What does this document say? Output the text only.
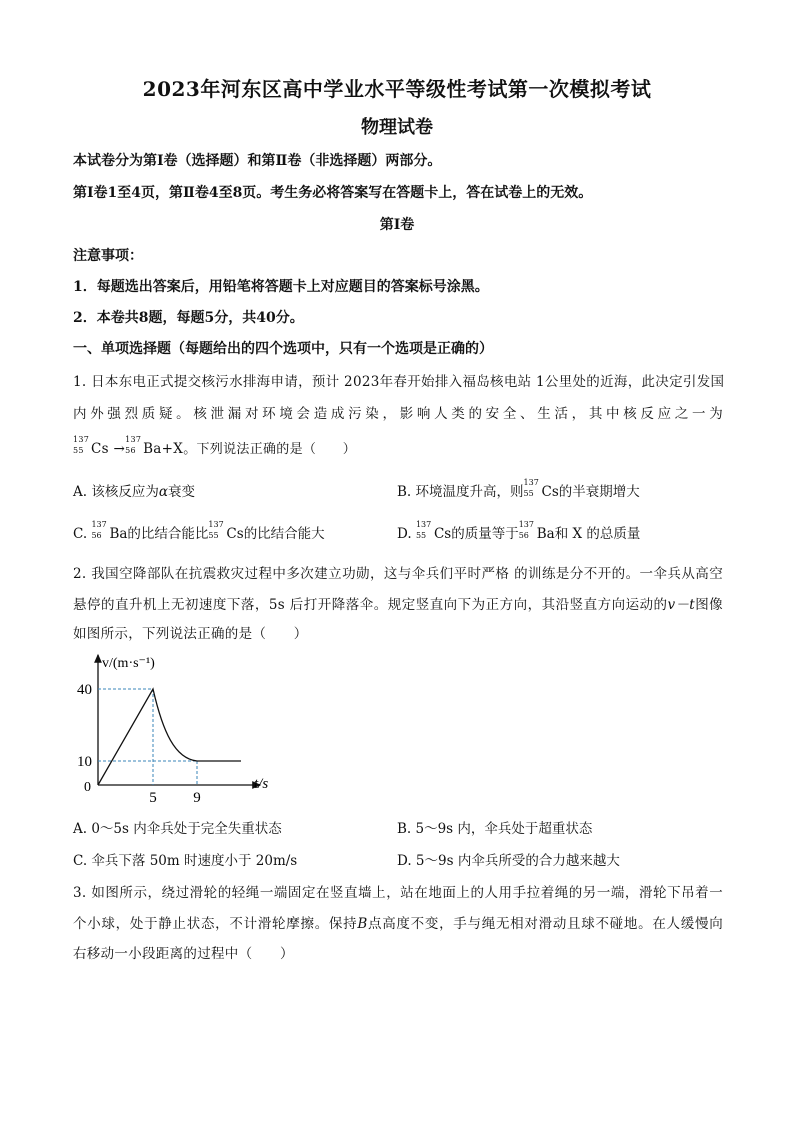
2023年河东区高中学业水平等级性考试第一次模拟考试
物理试卷
本试卷分为第Ⅰ卷（选择题）和第Ⅱ卷（非选择题）两部分。
第Ⅰ卷1至4页，第Ⅱ卷4至8页。考生务必将答案写在答题卡上，答在试卷上的无效。
第Ⅰ卷
注意事项：
1．每题选出答案后，用铅笔将答题卡上对应题目的答案标号涂黑。
2．本卷共8题，每题5分，共40分。
一、单项选择题（每题给出的四个选项中，只有一个选项是正确的）
1. 日本东电正式提交核污水排海申请，预计 2023年春开始排入福岛核电站 1公里处的近海，此决定引发国
内外强烈质疑。核泄漏对环境会造成污染，影响人类的安全、生活，其中核反应之一为
137
55 Cs →
137
56 Ba+X。下列说法正确的是（　　）
A. 该核反应为α衰变	B. 环境温度升高，则
137
55 Cs的半衰期增大
C.
137
56 Ba的比结合能比
137
55 Cs的比结合能大	D.
137
55 Cs的质量等于
137
56 Ba和 X 的总质量
2. 我国空降部队在抗震救灾过程中多次建立功勋，这与伞兵们平时严格 的训练是分不开的。一伞兵从高空
悬停的直升机上无初速度下落，5s 后打开降落伞。规定竖直向下为正方向，其沿竖直方向运动的v－t图像
如图所示，下列说法正确的是（　　）
v/(m·s⁻¹)
t/s
0
40
10
5 9
A. 0～5s 内伞兵处于完全失重状态	B. 5～9s 内，伞兵处于超重状态
C. 伞兵下落 50m 时速度小于 20m/s	D. 5～9s 内伞兵所受的合力越来越大
3. 如图所示，绕过滑轮的轻绳一端固定在竖直墙上，站在地面上的人用手拉着绳的另一端，滑轮下吊着一
个小球，处于静止状态，不计滑轮摩擦。保持B点高度不变，手与绳无相对滑动且球不碰地。在人缓慢向
右移动一小段距离的过程中（　　）
